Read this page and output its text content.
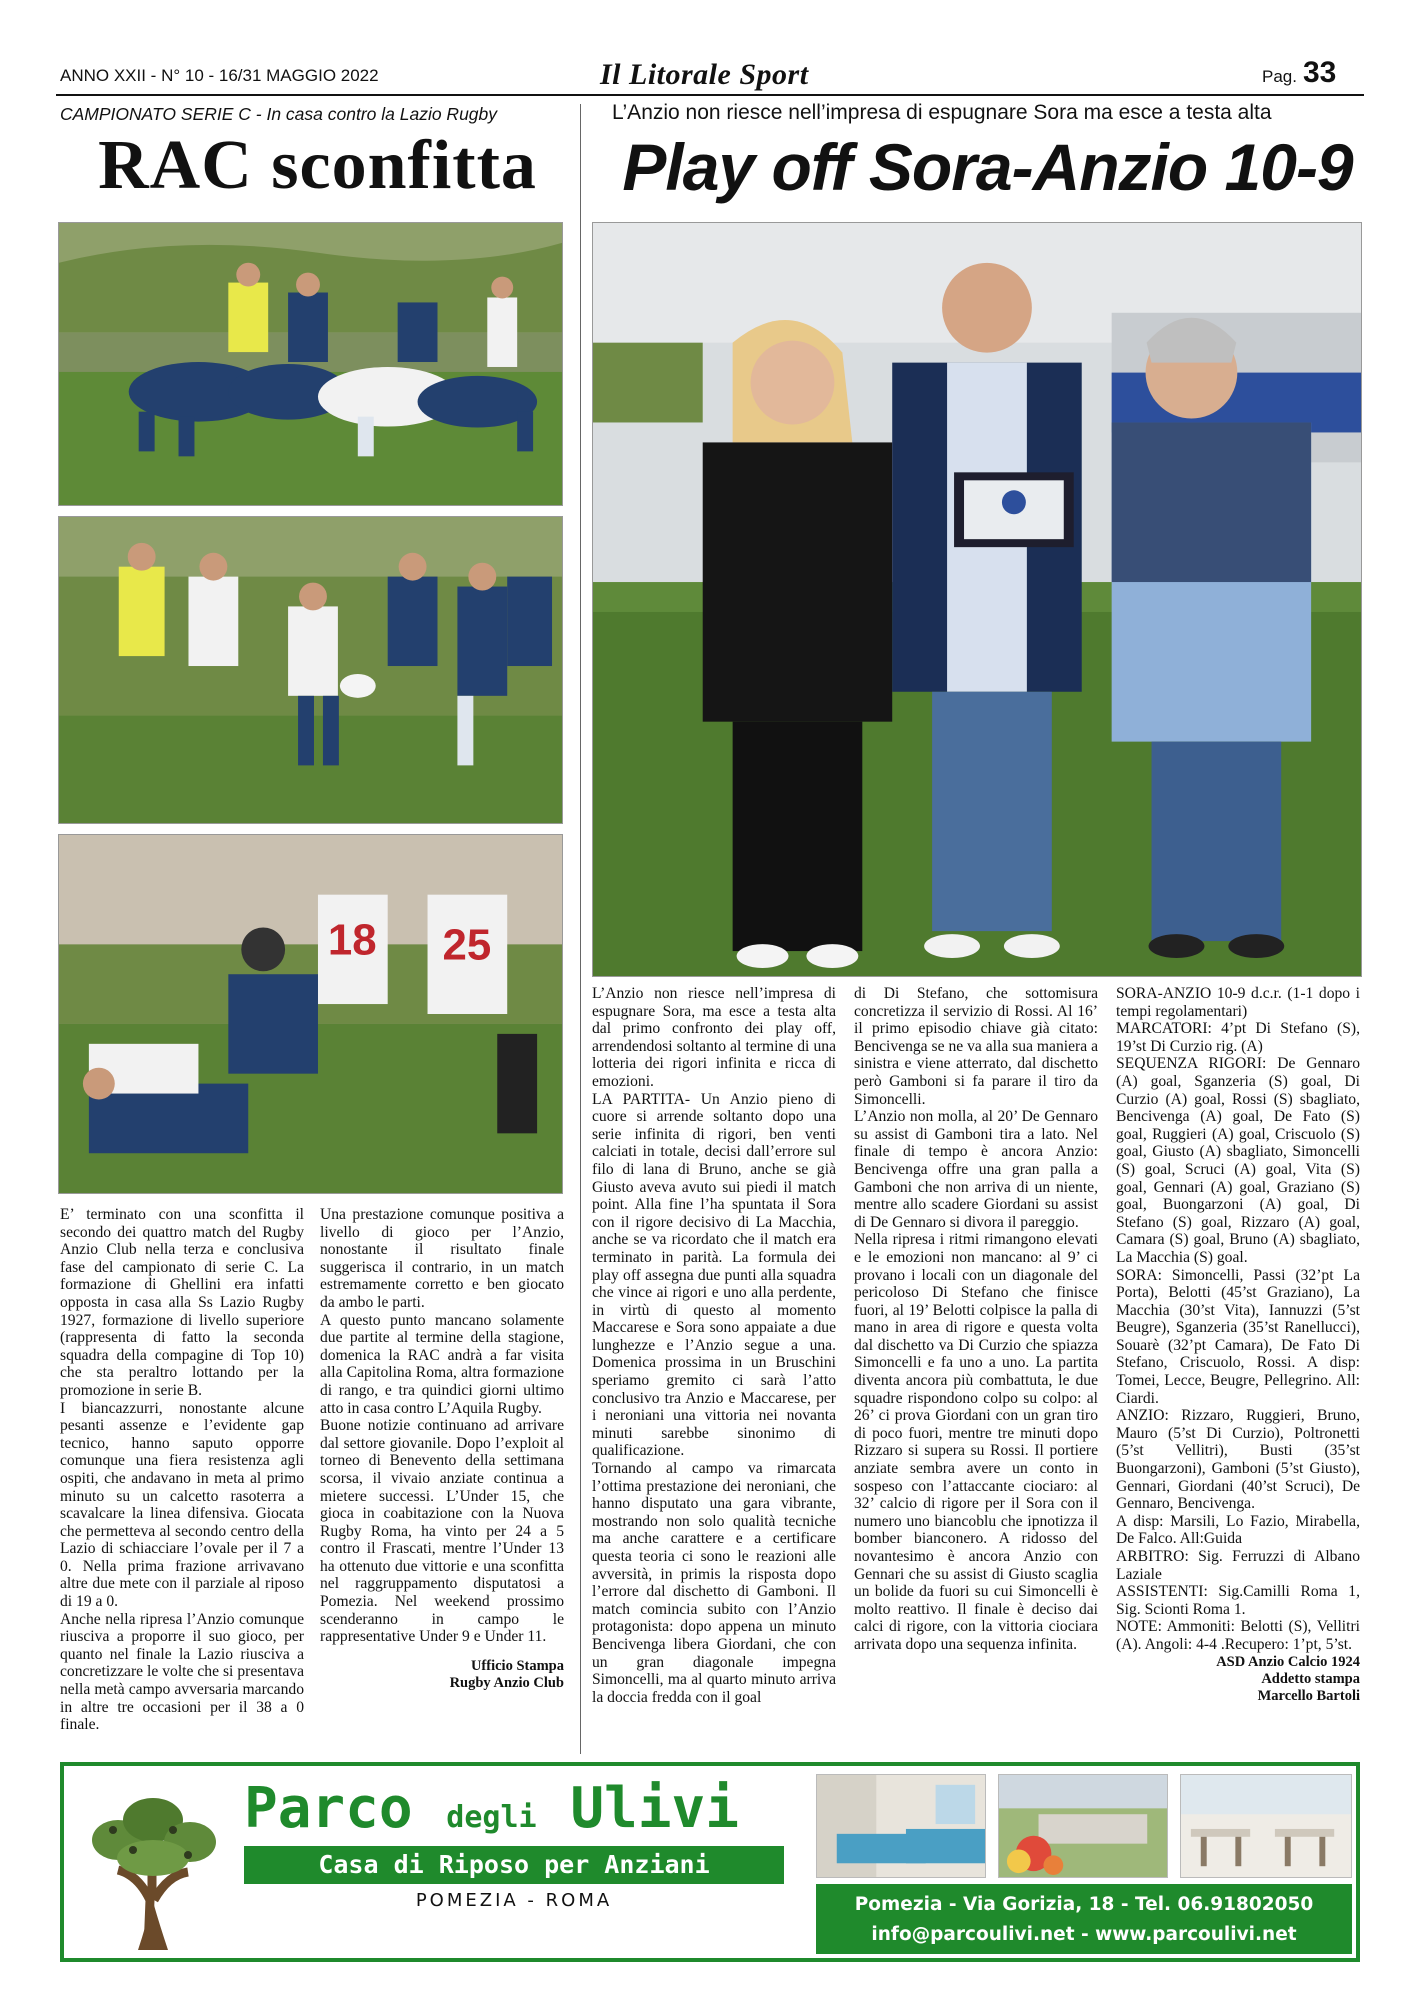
ANNO XXII - N° 10 - 16/31 MAGGIO 2022	Il Litorale Sport	Pag. 33
CAMPIONATO SERIE C - In casa contro la Lazio Rugby
RAC sconfitta
18 25

E’ terminato con una sconfitta il secondo dei quattro match del Rugby Anzio Club nella terza e conclusiva fase del campionato di serie C. La formazione di Ghellini era infatti opposta in casa alla Ss Lazio Rugby 1927, formazione di livello superiore (rappresenta di fatto la seconda squadra della compagine di Top 10) che sta peraltro lottando per la promozione in serie B.

I biancazzurri, nonostante alcune pesanti assenze e l’evidente gap tecnico, hanno saputo opporre comunque una fiera resistenza agli ospiti, che andavano in meta al primo minuto su un calcetto rasoterra a scavalcare la linea difensiva. Giocata che permetteva al secondo centro della Lazio di schiacciare l’ovale per il 7 a 0. Nella prima frazione arrivavano altre due mete con il parziale al riposo di 19 a 0.

Anche nella ripresa l’Anzio comunque riusciva a proporre il suo gioco, per quanto nel finale la Lazio riusciva a concretizzare le volte che si presentava nella metà campo avversaria marcando in altre tre occasioni per il 38 a 0 finale.

Una prestazione comunque positiva a livello di gioco per l’Anzio, nonostante il risultato finale suggerisca il contrario, in un match estremamente corretto e ben giocato da ambo le parti.

A questo punto mancano solamente due partite al termine della stagione, domenica la RAC andrà a far visita alla Capitolina Roma, altra formazione di rango, e tra quindici giorni ultimo atto in casa contro L’Aquila Rugby.

Buone notizie continuano ad arrivare dal settore giovanile. Dopo l’exploit al torneo di Benevento della settimana scorsa, il vivaio anziate continua a mietere successi. L’Under 15, che gioca in coabitazione con la Nuova Rugby Roma, ha vinto per 24 a 5 contro il Frascati, mentre l’Under 13 ha ottenuto due vittorie e una sconfitta nel raggruppamento disputatosi a Pomezia. Nel weekend prossimo scenderanno in campo le rappresentative Under 9 e Under 11.

Ufficio Stampa

Rugby Anzio Club

L’Anzio non riesce nell’impresa di espugnare Sora ma esce a testa alta
Play off Sora-Anzio 10-9

L’Anzio non riesce nell’impresa di espugnare Sora, ma esce a testa alta dal primo confronto dei play off, arrendendosi soltanto al termine di una lotteria dei rigori infinita e ricca di emozioni.

LA PARTITA- Un Anzio pieno di cuore si arrende soltanto dopo una serie infinita di rigori, ben venti calciati in totale, decisi dall’errore sul filo di lana di Bruno, anche se già Giusto aveva avuto sui piedi il match point. Alla fine l’ha spuntata il Sora con il rigore decisivo di La Macchia, anche se va ricordato che il match era terminato in parità. La formula dei play off assegna due punti alla squadra che vince ai rigori e uno alla perdente, in virtù di questo al momento Maccarese e Sora sono appaiate a due lunghezze e l’Anzio segue a una. Domenica prossima in un Bruschini speriamo gremito ci sarà l’atto conclusivo tra Anzio e Maccarese, per i neroniani una vittoria nei novanta minuti sarebbe sinonimo di qualificazione.

Tornando al campo va rimarcata l’ottima prestazione dei neroniani, che hanno disputato una gara vibrante, mostrando non solo qualità tecniche ma anche carattere e a certificare questa teoria ci sono le reazioni alle avversità, in primis la risposta dopo l’errore dal dischetto di Gamboni. Il match comincia subito con l’Anzio protagonista: dopo appena un minuto Bencivenga libera Giordani, che con un gran diagonale impegna Simoncelli, ma al quarto minuto arriva la doccia fredda con il goal

di Di Stefano, che sottomisura concretizza il servizio di Rossi. Al 16’ il primo episodio chiave già citato: Bencivenga se ne va alla sua maniera a sinistra e viene atterrato, dal dischetto però Gamboni si fa parare il tiro da Simoncelli.

L’Anzio non molla, al 20’ De Gennaro su assist di Gamboni tira a lato. Nel finale di tempo è ancora Anzio: Bencivenga offre una gran palla a Gamboni che non arriva di un niente, mentre allo scadere Giordani su assist di De Gennaro si divora il pareggio.

Nella ripresa i ritmi rimangono elevati e le emozioni non mancano: al 9’ ci provano i locali con un diagonale del pericoloso Di Stefano che finisce fuori, al 19’ Belotti colpisce la palla di mano in area di rigore e questa volta dal dischetto va Di Curzio che spiazza Simoncelli e fa uno a uno. La partita diventa ancora più combattuta, le due squadre rispondono colpo su colpo: al 26’ ci prova Giordani con un gran tiro di poco fuori, mentre tre minuti dopo Rizzaro si supera su Rossi. Il portiere anziate sembra avere un conto in sospeso con l’attaccante ciociaro: al 32’ calcio di rigore per il Sora con il numero uno biancoblu che ipnotizza il bomber bianconero. A ridosso del novantesimo è ancora Anzio con Gennari che su assist di Giusto scaglia un bolide da fuori su cui Simoncelli è molto reattivo. Il finale è deciso dai calci di rigore, con la vittoria ciociara arrivata dopo una sequenza infinita.

SORA-ANZIO 10-9 d.c.r. (1-1 dopo i tempi regolamentari)

MARCATORI: 4’pt Di Stefano (S), 19’st Di Curzio rig. (A)

SEQUENZA RIGORI: De Gennaro (A) goal, Sganzeria (S) goal, Di Curzio (A) goal, Rossi (S) sbagliato, Bencivenga (A) goal, De Fato (S) goal, Ruggieri (A) goal, Criscuolo (S) goal, Giusto (A) sbagliato, Simoncelli (S) goal, Scruci (A) goal, Vita (S) goal, Gennari (A) goal, Graziano (S) goal, Buongarzoni (A) goal, Di Stefano (S) goal, Rizzaro (A) goal, Camara (S) goal, Bruno (A) sbagliato, La Macchia (S) goal.

SORA: Simoncelli, Passi (32’pt La Porta), Belotti (45’st Graziano), La Macchia (30’st Vita), Iannuzzi (5’st Beugre), Sganzeria (35’st Ranellucci), Souarè (32’pt Camara), De Fato Di Stefano, Criscuolo, Rossi. A disp: Tomei, Lecce, Beugre, Pellegrino. All: Ciardi.

ANZIO: Rizzaro, Ruggieri, Bruno, Mauro (5’st Di Curzio), Poltronetti (5’st Vellitri), Busti (35’st Buongarzoni), Gamboni (5’st Giusto), Gennari, Giordani (40’st Scruci), De Gennaro, Bencivenga.

A disp: Marsili, Lo Fazio, Mirabella, De Falco. All:Guida

ARBITRO: Sig. Ferruzzi di Albano Laziale

ASSISTENTI: Sig.Camilli Roma 1, Sig. Scionti Roma 1.

NOTE: Ammoniti: Belotti (S), Vellitri (A). Angoli: 4-4 .Recupero: 1’pt, 5’st.

ASD Anzio Calcio 1924

Addetto stampa

Marcello Bartoli

Parco degli Ulivi
Casa di Riposo per Anziani
POMEZIA - ROMA	Pomezia - Via Gorizia, 18 - Tel. 06.91802050
info@parcoulivi.net - www.parcoulivi.net
